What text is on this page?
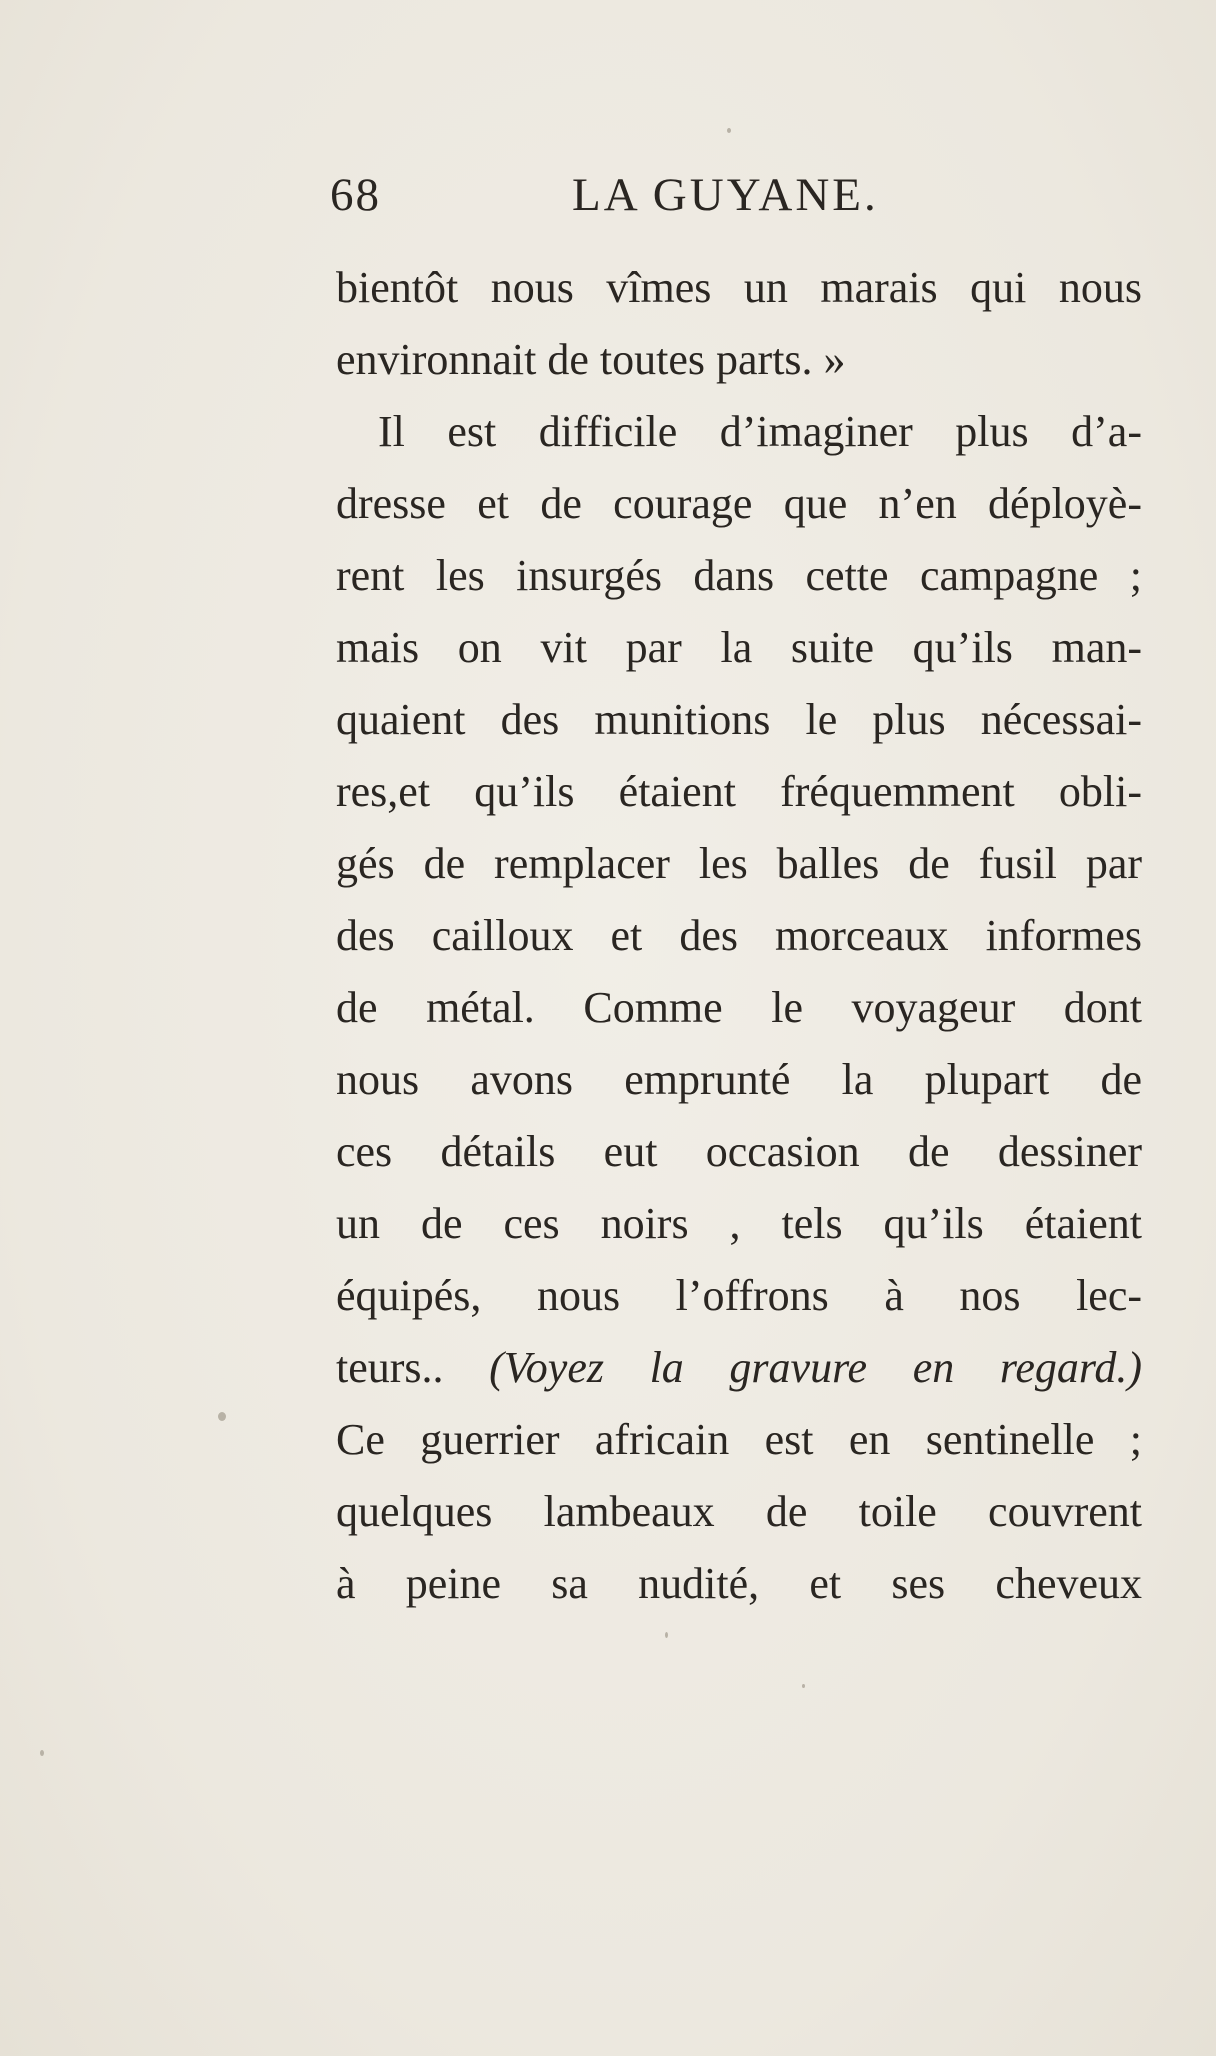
68	LA GUYANE.
bientôt nous vîmes un marais qui nous
environnait de toutes parts. »
Il est difficile d’imaginer plus d’a-
dresse et de courage que n’en déployè-
rent les insurgés dans cette campagne ;
mais on vit par la suite qu’ils man-
quaient des munitions le plus nécessai-
res,et qu’ils étaient fréquemment obli-
gés de remplacer les balles de fusil par
des cailloux et des morceaux informes
de métal. Comme le voyageur dont
nous avons emprunté la plupart de
ces détails eut occasion de dessiner
un de ces noirs , tels qu’ils étaient
équipés, nous l’offrons à nos lec-
teurs.. (Voyez la gravure en regard.)
Ce guerrier africain est en sentinelle ;
quelques lambeaux de toile couvrent
à peine sa nudité, et ses cheveux
